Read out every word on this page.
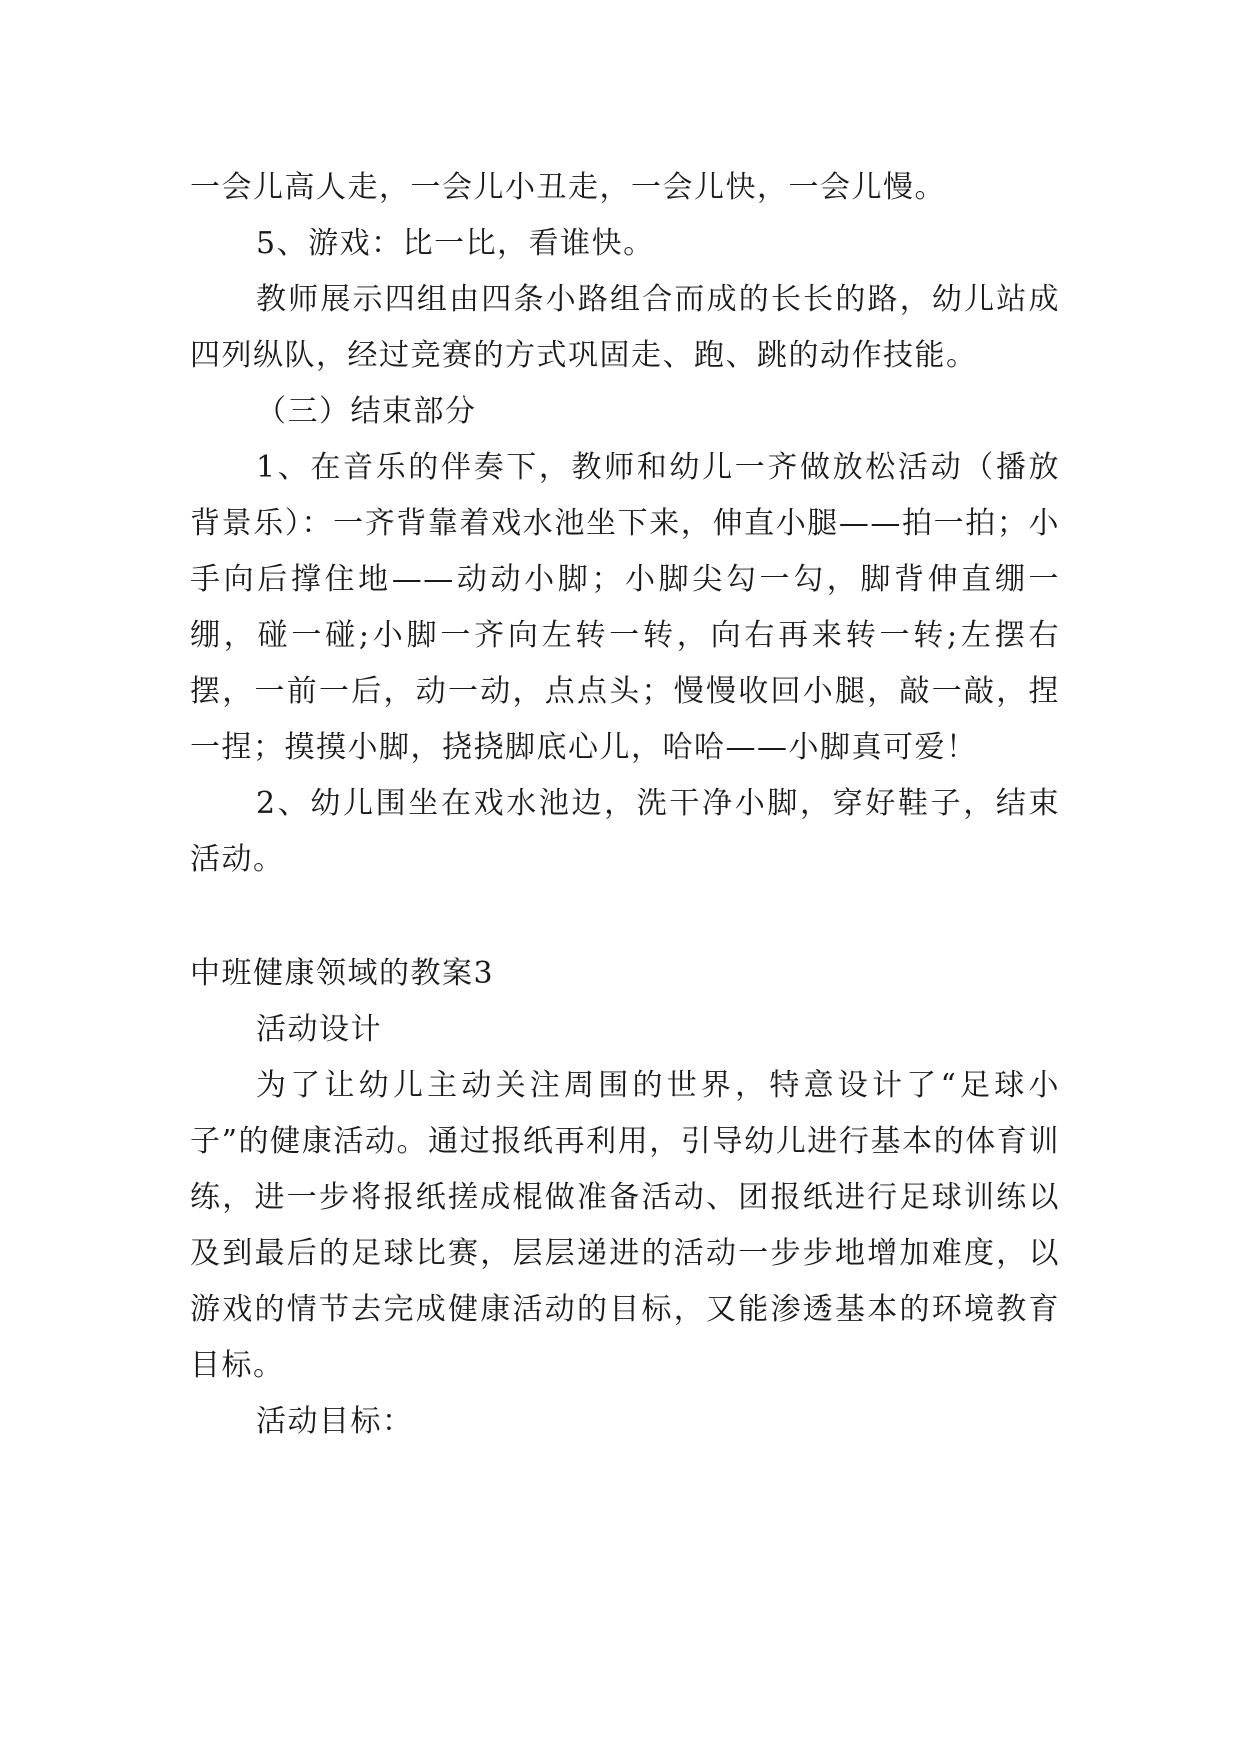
一会儿高人走，一会儿小丑走，一会儿快，一会儿慢。

5、游戏：比一比，看谁快。

教师展示四组由四条小路组合而成的长长的路，幼儿站成四列纵队，经过竞赛的方式巩固走、跑、跳的动作技能。

（三）结束部分

1、在音乐的伴奏下，教师和幼儿一齐做放松活动（播放背景乐）：一齐背靠着戏水池坐下来，伸直小腿——拍一拍；小手向后撑住地——动动小脚；小脚尖勾一勾，脚背伸直绷一绷，碰一碰;小脚一齐向左转一转，向右再来转一转;左摆右摆，一前一后，动一动，点点头；慢慢收回小腿，敲一敲，捏一捏；摸摸小脚，挠挠脚底心儿，哈哈——小脚真可爱！

2、幼儿围坐在戏水池边，洗干净小脚，穿好鞋子，结束活动。

中班健康领域的教案3

活动设计

为了让幼儿主动关注周围的世界，特意设计了“足球小子”的健康活动。通过报纸再利用，引导幼儿进行基本的体育训练，进一步将报纸搓成棍做准备活动、团报纸进行足球训练以及到最后的足球比赛，层层递进的活动一步步地增加难度，以游戏的情节去完成健康活动的目标，又能渗透基本的环境教育目标。

活动目标：
